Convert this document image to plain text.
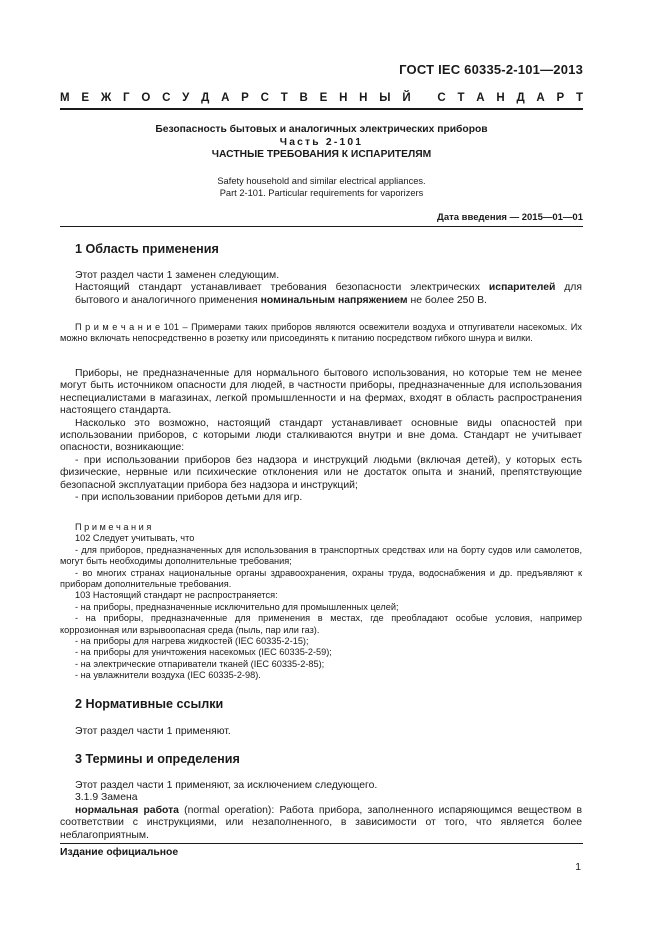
ГОСТ IEC 60335-2-101—2013
М Е Ж Г О С У Д А Р С Т В Е Н Н Ы Й
С Т А Н Д А Р Т
Безопасность бытовых и аналогичных электрических приборов
Часть 2-101
ЧАСТНЫЕ ТРЕБОВАНИЯ К ИСПАРИТЕЛЯМ
Safety household and similar electrical appliances.
Part 2-101. Particular requirements for vaporizers
Дата введения — 2015—01—01
1 Область применения

Этот раздел части 1 заменен следующим.

Настоящий стандарт устанавливает требования безопасности электрических испарителей для бытового и аналогичного применения номинальным напряжением не более 250 В.

П р и м е ч а н и е 101 – Примерами таких приборов являются освежители воздуха и отпугиватели насекомых. Их можно включать непосредственно в розетку или присоединять к питанию посредством гибкого шнура и вилки.

Приборы, не предназначенные для нормального бытового использования, но которые тем не менее могут быть источником опасности для людей, в частности приборы, предназначенные для использования неспециалистами в магазинах, легкой промышленности и на фермах, входят в область распространения настоящего стандарта.

Насколько это возможно, настоящий стандарт устанавливает основные виды опасностей при использовании приборов, с которыми люди сталкиваются внутри и вне дома. Стандарт не учитывает опасности, возникающие:

- при использовании приборов без надзора и инструкций людьми (включая детей), у которых есть физические, нервные или психические отклонения или не достаток опыта и знаний, препятствующие безопасной эксплуатации прибора без надзора и инструкций;

- при использовании приборов детьми для игр.

П р и м е ч а н и я

102 Следует учитывать, что

- для приборов, предназначенных для использования в транспортных средствах или на борту судов или самолетов, могут быть необходимы дополнительные требования;

- во многих странах национальные органы здравоохранения, охраны труда, водоснабжения и др. предъявляют к приборам дополнительные требования.

103 Настоящий стандарт не распространяется:

- на приборы, предназначенные исключительно для промышленных целей;

- на приборы, предназначенные для применения в местах, где преобладают особые условия, например коррозионная или взрывоопасная среда (пыль, пар или газ).

- на приборы для нагрева жидкостей (IEC 60335-2-15);

- на приборы для уничтожения насекомых (IEC 60335-2-59);

- на электрические отпариватели тканей (IEC 60335-2-85);

- на увлажнители воздуха (IEC 60335-2-98).

2 Нормативные ссылки

Этот раздел части 1 применяют.

3 Термины и определения

Этот раздел части 1 применяют, за исключением следующего.

3.1.9 Замена

нормальная работа (normal operation): Работа прибора, заполненного испаряющимся веществом в соответствии с инструкциями, или незаполненного, в зависимости от того, что является более неблагоприятным.

Издание официальное
1
